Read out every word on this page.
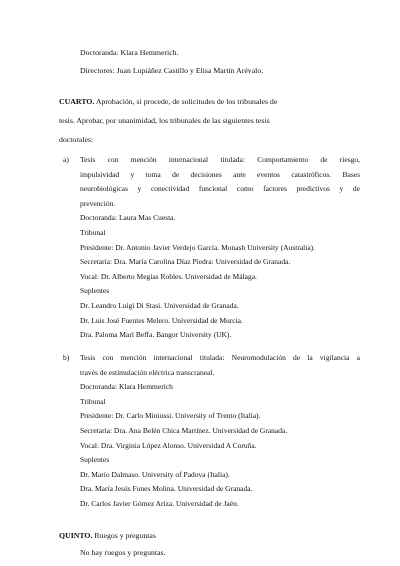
Doctoranda: Klara Hemmerich.
Directores: Juan Lupiáñez Castillo y Elisa Martín Arévalo.
CUARTO. Aprobación, si procede, de solicitudes de los tribunales de
tesis. Aprobar, por unanimidad, los tribunales de las siguientes tesis
doctorales:
a) Tesis con mención internacional titulada: Comportamiento de riesgo,
impulsividad y toma de decisiones ante eventos catastróficos. Bases
neurobiológicas y conectividad funcional como factores predictivos y de
prevención.
Doctoranda: Laura Mas Cuesta.
Tribunal
Presidente: Dr. Antonio Javier Verdejo García. Monash University (Australia).
Secretaria: Dra. María Carolina Díaz Piedra: Universidad de Granada.
Vocal: Dr. Alberto Megías Robles. Universidad de Málaga.
Suplentes
Dr. Leandro Luigi Di Stasi. Universidad de Granada.
Dr. Luis José Fuentes Melero. Universidad de Murcia.
Dra. Paloma Marí Beffa. Bangor University (UK).
b) Tesis con mención internacional titulada: Neuromodulación de la vigilancia a
través de estimulación eléctrica transcraneal.
Doctoranda: Klara Hemmerich
Tribunal
Presidente: Dr. Carlo Miniussi. University of Trento (Italia).
Secretaria: Dra. Ana Belén Chica Martínez. Universidad de Granada.
Vocal: Dra. Virginia López Alonso. Universidad A Coruña.
Suplentes
Dr. Mario Dalmaso. University of Padova (Italia).
Dra. María Jesús Funes Molina. Universidad de Granada.
Dr. Carlos Javier Gómez Ariza. Universidad de Jaén.
QUINTO. Ruegos y preguntas
No hay ruegos y preguntas.
